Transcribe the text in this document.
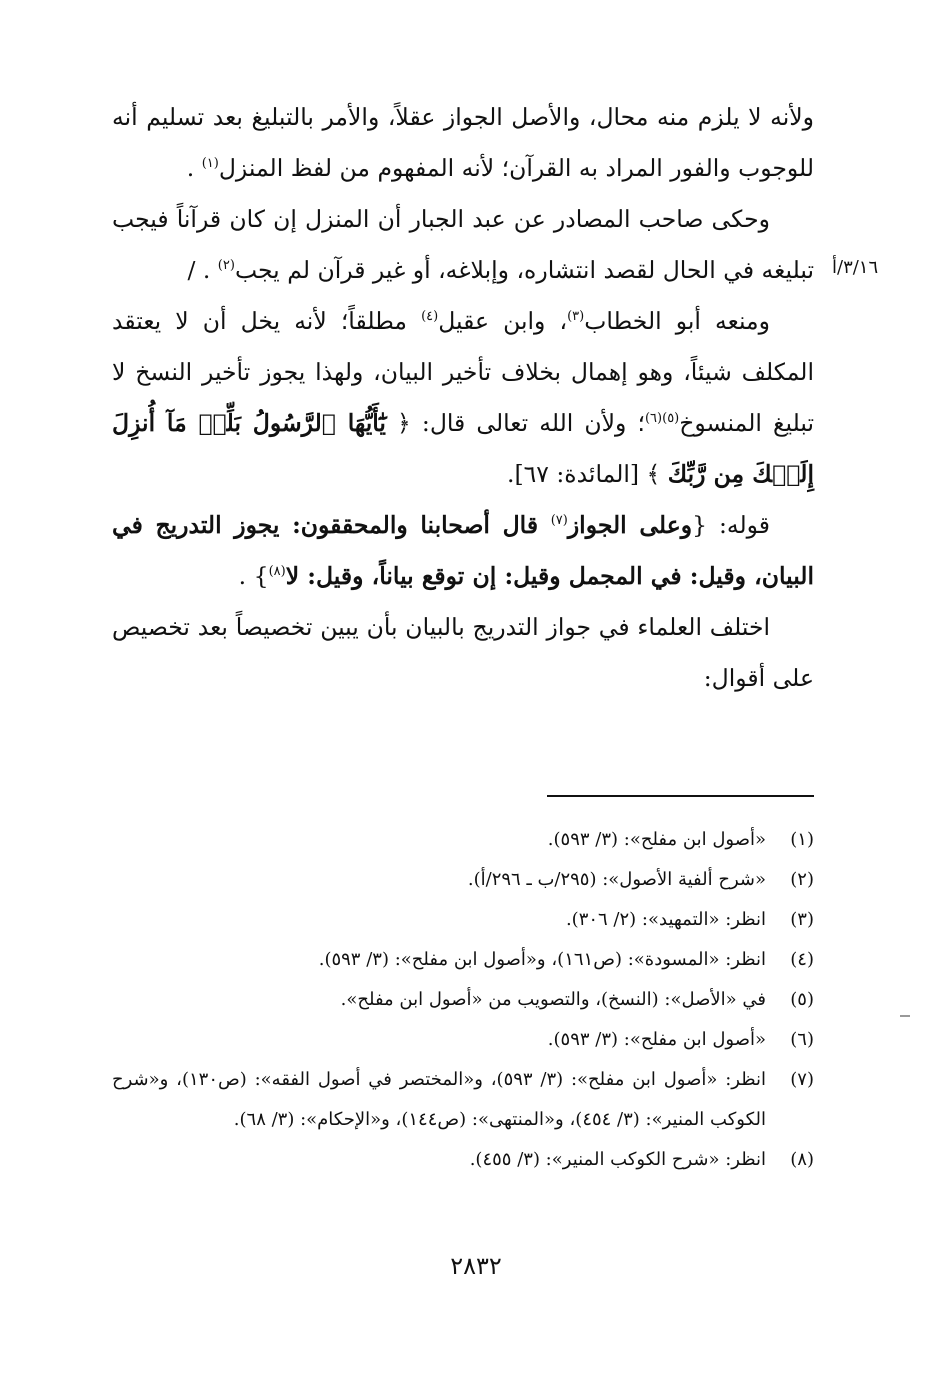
٣/١٦/أ

ولأنه لا يلزم منه محال، والأصل الجواز عقلاً، والأمر بالتبليغ بعد تسليم أنه للوجوب والفور المراد به القرآن؛ لأنه المفهوم من لفظ المنزل$^{(١)}$ .

وحكى صاحب المصادر عن عبد الجبار أن المنزل إن كان قرآناً فيجب تبليغه في الحال لقصد انتشاره، وإبلاغه، أو غير قرآن لم يجب$^{(٢)}$ . /

ومنعه أبو الخطاب$^{(٣)}$، وابن عقيل$^{(٤)}$ مطلقاً؛ لأنه يخل أن لا يعتقد المكلف شيئاً، وهو إهمال بخلاف تأخير البيان، ولهذا يجوز تأخير النسخ لا تبليغ المنسوخ$^{(٥)(٦)}$؛ ولأن الله تعالى قال: ﴿ يَٰٓأَيُّهَا ٱلرَّسُولُ بَلِّغۡ مَآ أُنزِلَ إِلَيۡكَ مِن رَّبِّكَ ﴾ [المائدة: ٦٧].

قوله: {وعلى الجواز$^{(٧)}$ قال أصحابنا والمحققون: يجوز التدريج في البيان، وقيل: في المجمل وقيل: إن توقع بياناً، وقيل: لا$^{(٨)}$} .

اختلف العلماء في جواز التدريج بالبيان بأن يبين تخصيصاً بعد تخصيص على أقوال:

(١)
«أصول ابن مفلح»: (٣/ ٥٩٣).
(٢)
«شرح ألفية الأصول»: (٢٩٥/ب ـ ٢٩٦/أ).
(٣)
انظر: «التمهيد»: (٢/ ٣٠٦).
(٤)
انظر: «المسودة»: (ص١٦١)، و«أصول ابن مفلح»: (٣/ ٥٩٣).
(٥)
في «الأصل»: (النسخ)، والتصويب من «أصول ابن مفلح».
(٦)
«أصول ابن مفلح»: (٣/ ٥٩٣).
(٧)
انظر: «أصول ابن مفلح»: (٣/ ٥٩٣)، و«المختصر في أصول الفقه»: (ص١٣٠)، و«شرح الكوكب المنير»: (٣/ ٤٥٤)، و«المنتهى»: (ص١٤٤)، و«الإحكام»: (٣/ ٦٨).
(٨)
انظر: «شرح الكوكب المنير»: (٣/ ٤٥٥).
٢٨٣٢
